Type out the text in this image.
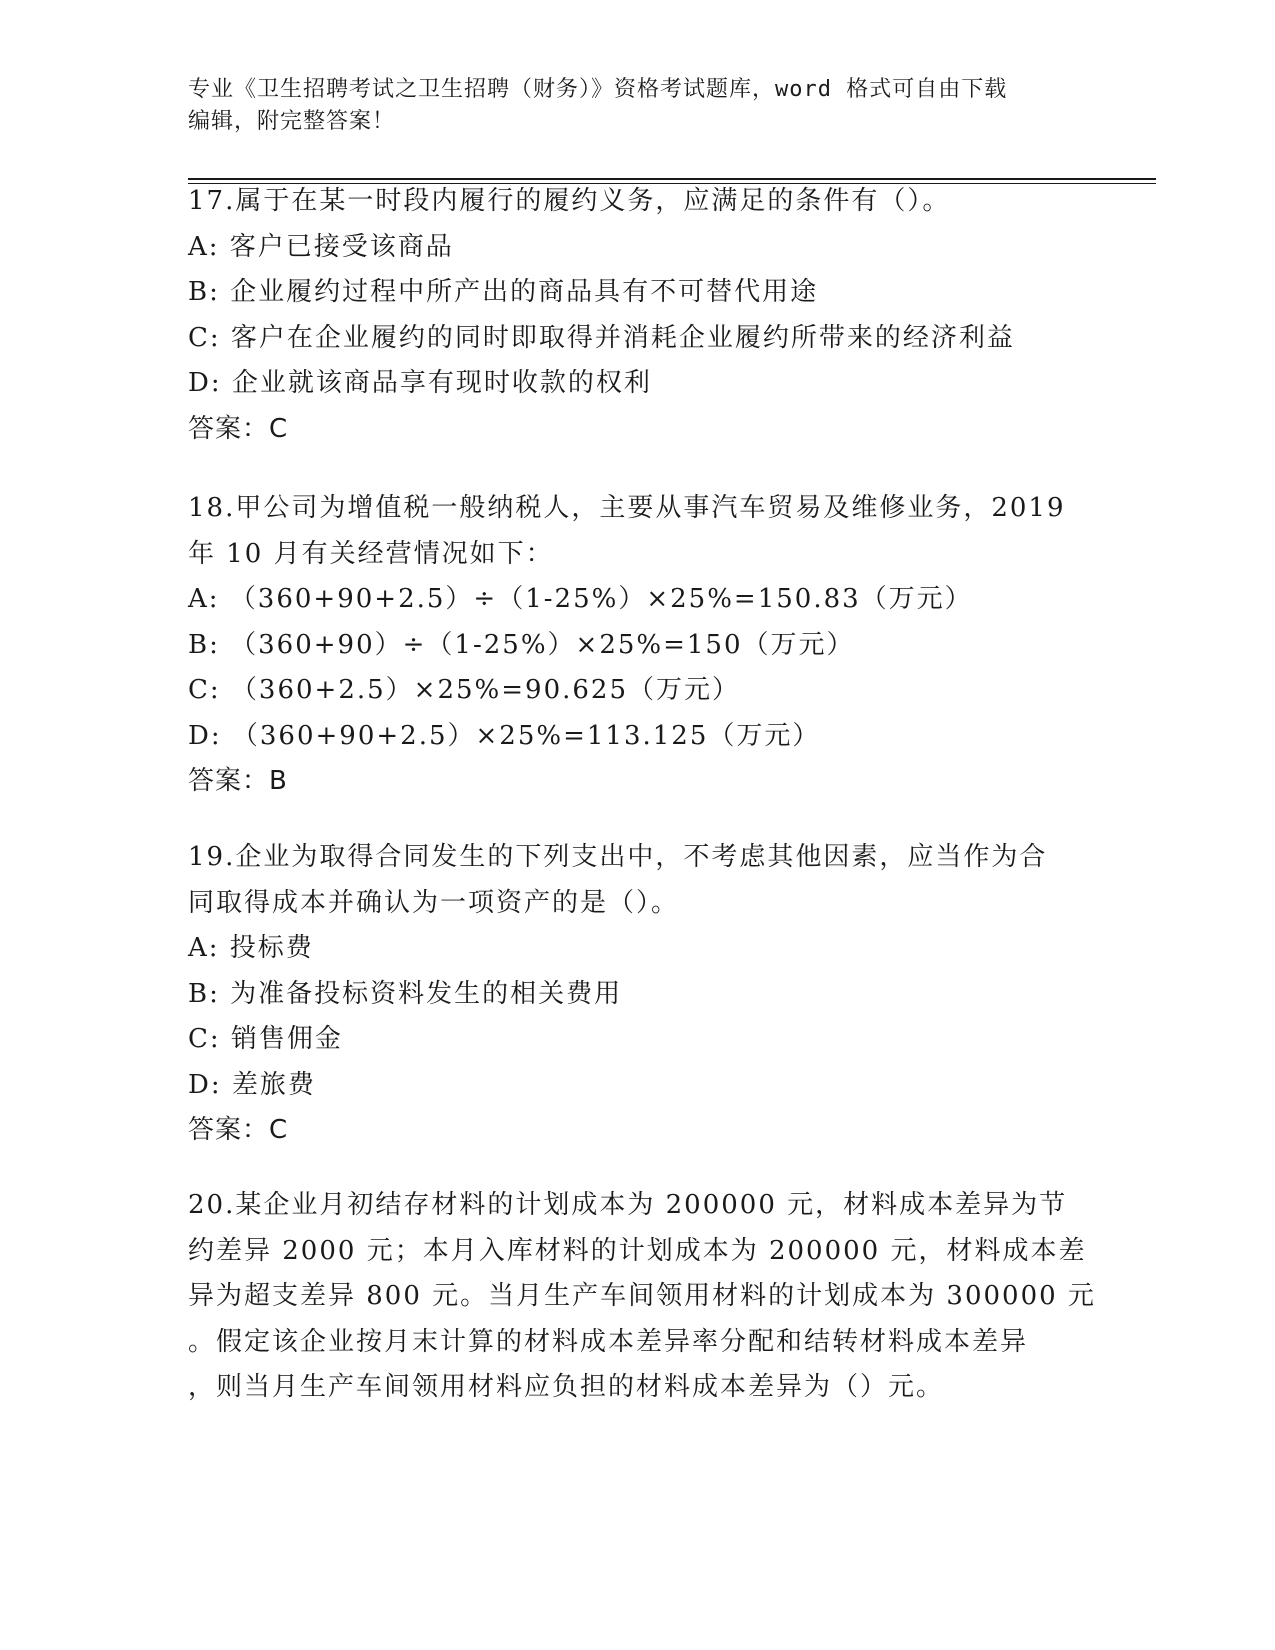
专业《卫生招聘考试之卫生招聘（财务）》资格考试题库，word 格式可自由下载
编辑，附完整答案！
17.属于在某一时段内履行的履约义务，应满足的条件有（）。
A: 客户已接受该商品
B: 企业履约过程中所产出的商品具有不可替代用途
C: 客户在企业履约的同时即取得并消耗企业履约所带来的经济利益
D: 企业就该商品享有现时收款的权利
答案：C
18.甲公司为增值税一般纳税人，主要从事汽车贸易及维修业务，2019
年 10 月有关经营情况如下：
A: （360+90+2.5）÷（1-25%）×25%=150.83（万元）
B: （360+90）÷（1-25%）×25%=150（万元）
C: （360+2.5）×25%=90.625（万元）
D: （360+90+2.5）×25%=113.125（万元）
答案：B
19.企业为取得合同发生的下列支出中，不考虑其他因素，应当作为合
同取得成本并确认为一项资产的是（）。
A: 投标费
B: 为准备投标资料发生的相关费用
C: 销售佣金
D: 差旅费
答案：C
20.某企业月初结存材料的计划成本为 200000 元，材料成本差异为节
约差异 2000 元；本月入库材料的计划成本为 200000 元，材料成本差
异为超支差异 800 元。当月生产车间领用材料的计划成本为 300000 元
。假定该企业按月末计算的材料成本差异率分配和结转材料成本差异
，则当月生产车间领用材料应负担的材料成本差异为（）元。
